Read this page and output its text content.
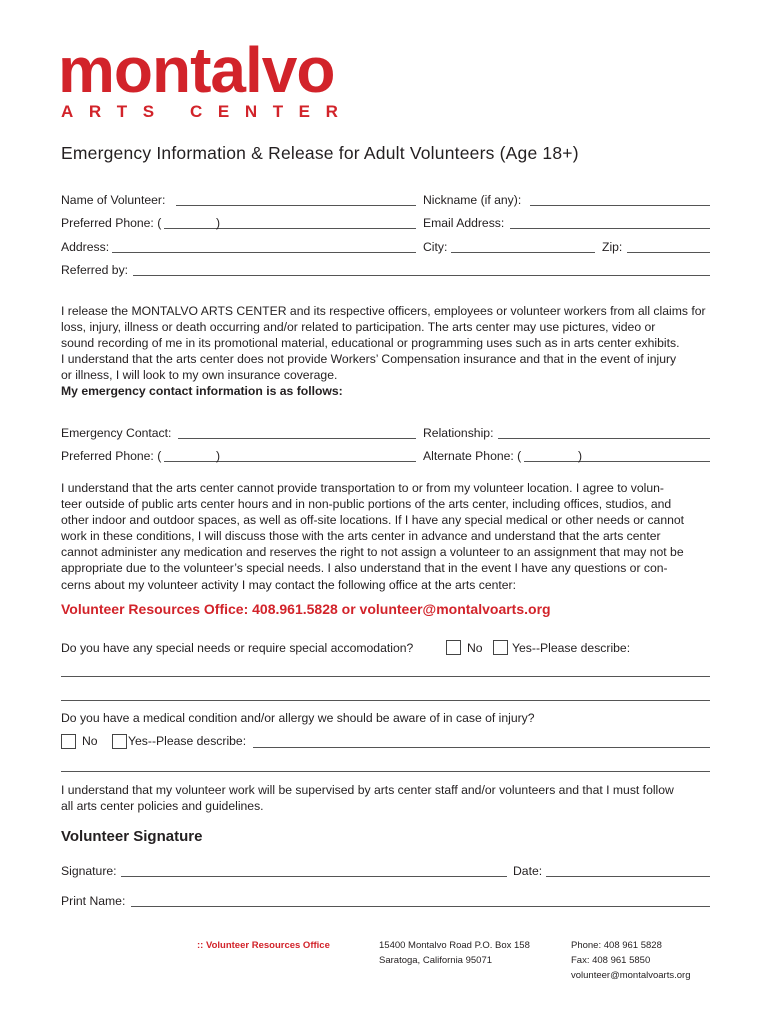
montalvo
ARTS CENTER
Emergency Information & Release for Adult Volunteers (Age 18+)
Name of Volunteer:	Nickname (if any):
Preferred Phone: (	)	Email Address:
Address:	City:	Zip:
Referred by:
I release the MONTALVO ARTS CENTER and its respective officers, employees or volunteer workers from all claims for
loss, injury, illness or death occurring and/or related to participation. The arts center may use pictures, video or
sound recording of me in its promotional material, educational or programming uses such as in arts center exhibits.
I understand that the arts center does not provide Workers’ Compensation insurance and that in the event of injury
or illness, I will look to my own insurance coverage.
My emergency contact information is as follows:
Emergency Contact:	Relationship:
Preferred Phone: (	)	Alternate Phone: (	)
I understand that the arts center cannot provide transportation to or from my volunteer location. I agree to volun-
teer outside of public arts center hours and in non-public portions of the arts center, including offices, studios, and
other indoor and outdoor spaces, as well as off-site locations. If I have any special medical or other needs or cannot
work in these conditions, I will discuss those with the arts center in advance and understand that the arts center
cannot administer any medication and reserves the right to not assign a volunteer to an assignment that may not be
appropriate due to the volunteer’s special needs. I also understand that in the event I have any questions or con-
cerns about my volunteer activity I may contact the following office at the arts center:
Volunteer Resources Office: 408.961.5828 or volunteer@montalvoarts.org
Do you have any special needs or require special accomodation?	No Yes--Please describe:
Do you have a medical condition and/or allergy we should be aware of in case of injury?
No Yes--Please describe:
I understand that my volunteer work will be supervised by arts center staff and/or volunteers and that I must follow
all arts center policies and guidelines.
Volunteer Signature
Signature:	Date:
Print Name:
:: Volunteer Resources Office	15400 Montalvo Road P.O. Box 158
Saratoga, California 95071
Phone: 408 961 5828
Fax: 408 961 5850
volunteer@montalvoarts.org
